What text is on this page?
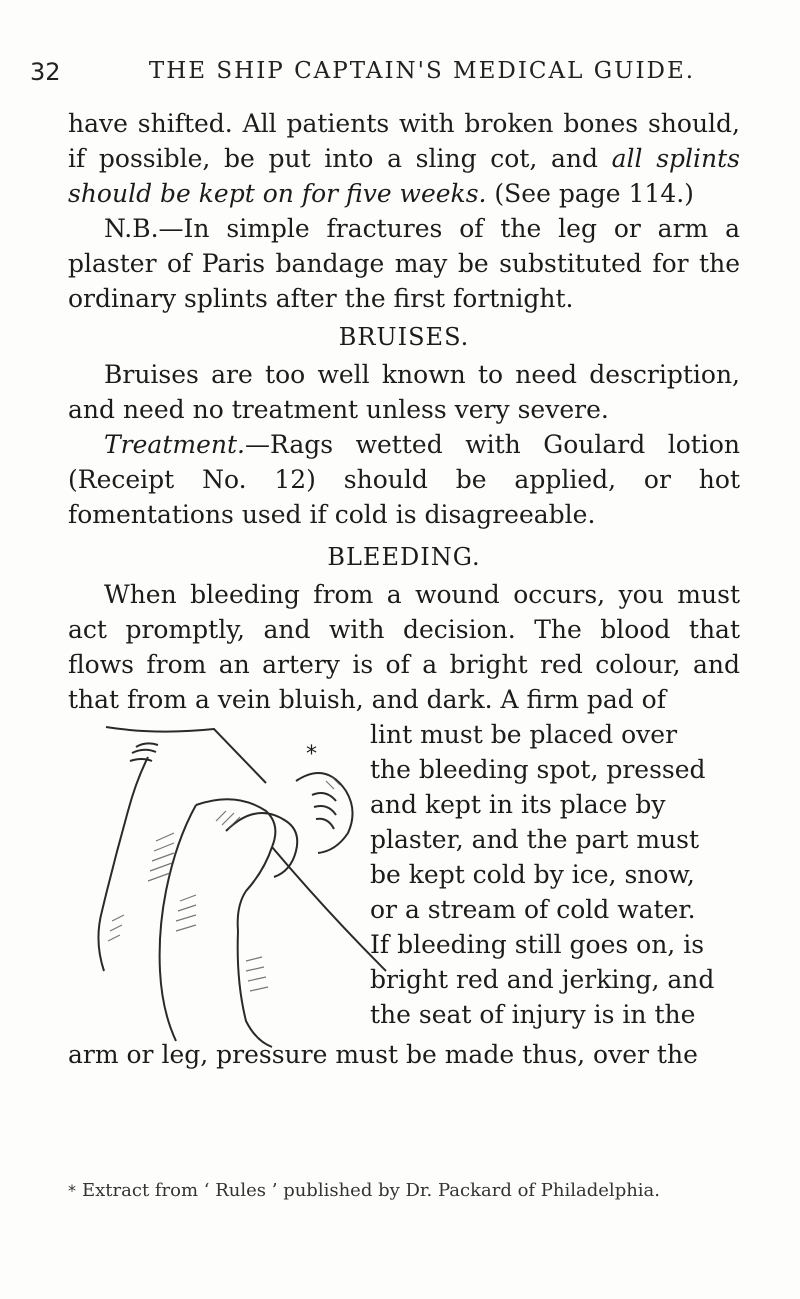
32	THE SHIP CAPTAIN'S MEDICAL GUIDE.

have shifted. All patients with broken bones should, if possible, be put into a sling cot, and all splints should be kept on for five weeks. (See page 114.)

N.B.—In simple fractures of the leg or arm a plaster of Paris bandage may be substituted for the ordinary splints after the first fortnight.

BRUISES.

Bruises are too well known to need description, and need no treatment unless very severe.

Treatment.—Rags wetted with Goulard lotion (Receipt No. 12) should be applied, or hot fomentations used if cold is disagreeable.

BLEEDING.

When bleeding from a wound occurs, you must act promptly, and with decision. The blood that flows from an artery is of a bright red colour, and that from a vein bluish, and dark. A firm pad of

*
lint must be placed over
the bleeding spot, pressed
and kept in its place by
plaster, and the part must
be kept cold by ice, snow,
or a stream of cold water.
If bleeding still goes on, is
bright red and jerking, and
the seat of injury is in the

arm or leg, pressure must be made thus, over the

* Extract from ‘ Rules ’ published by Dr. Packard of Philadelphia.
